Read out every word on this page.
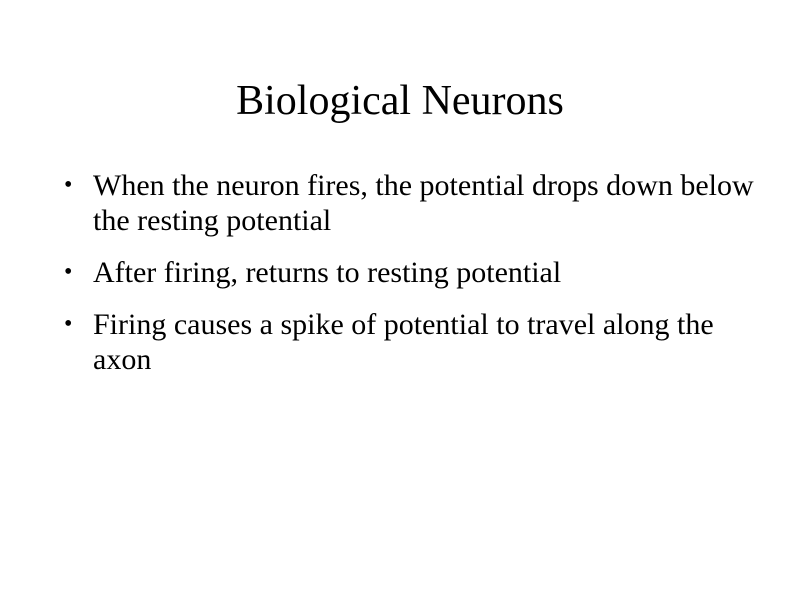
Biological Neurons
• When the neuron fires, the potential drops down below the resting potential
• After firing, returns to resting potential
• Firing causes a spike of potential to travel along the axon
